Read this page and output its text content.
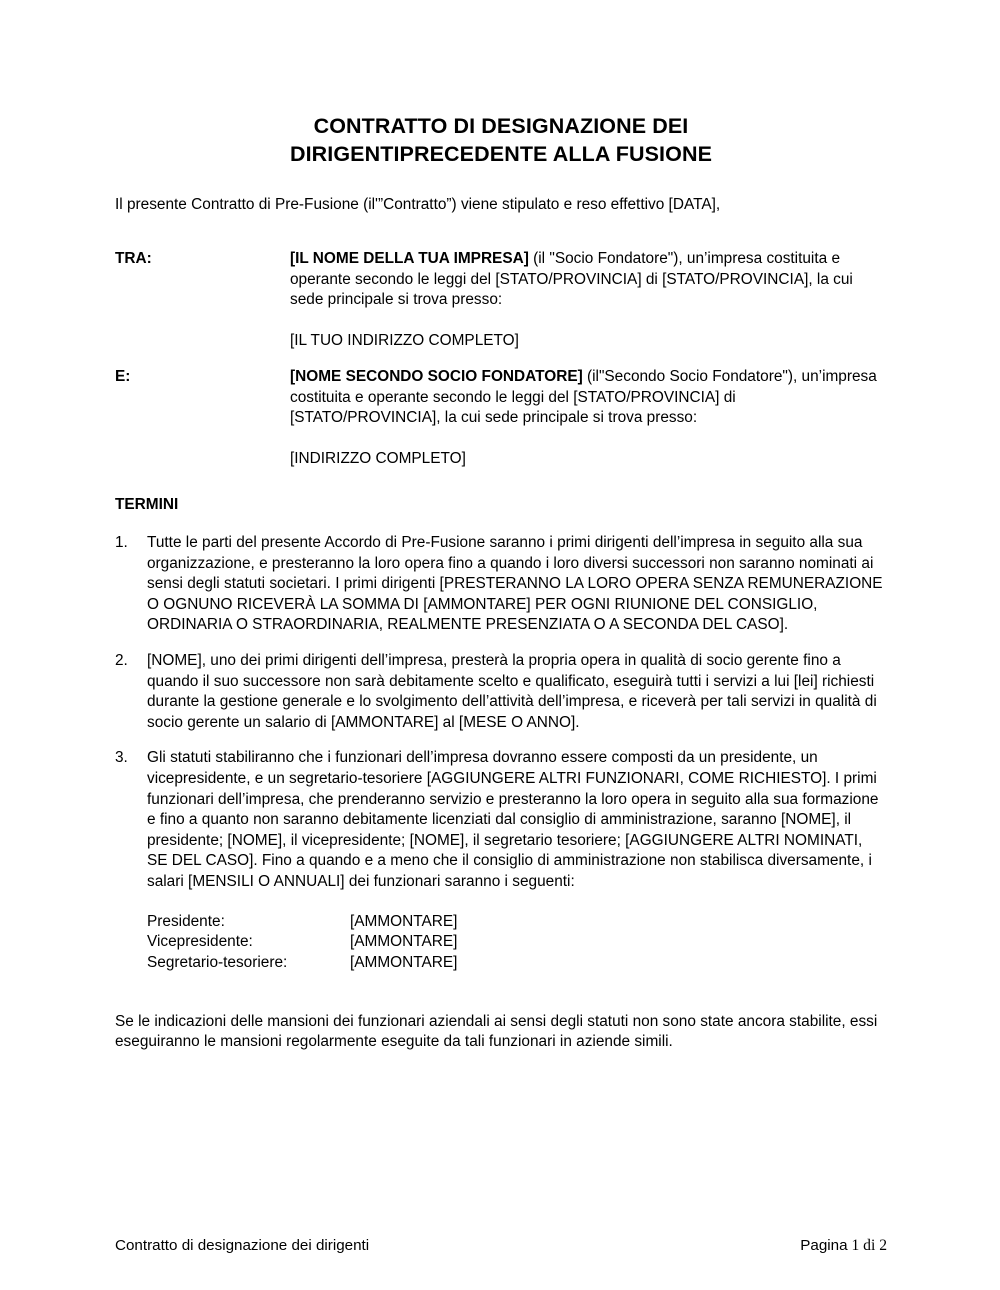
CONTRATTO DI DESIGNAZIONE DEI
DIRIGENTIPRECEDENTE ALLA FUSIONE

Il presente Contratto di Pre-Fusione (il'”Contratto”) viene stipulato e reso effettivo [DATA],

TRA:	[IL NOME DELLA TUA IMPRESA] (il "Socio Fondatore"), un’impresa costituita e operante secondo le leggi del [STATO/PROVINCIA] di [STATO/PROVINCIA], la cui sede principale si trova presso:
[IL TUO INDIRIZZO COMPLETO]
E:	[NOME SECONDO SOCIO FONDATORE] (il"Secondo Socio Fondatore"), un’impresa costituita e operante secondo le leggi del [STATO/PROVINCIA] di [STATO/PROVINCIA], la cui sede principale si trova presso:
[INDIRIZZO COMPLETO]
TERMINI
1.	Tutte le parti del presente Accordo di Pre-Fusione saranno i primi dirigenti dell’impresa in seguito alla sua organizzazione, e presteranno la loro opera fino a quando i loro diversi successori non saranno nominati ai sensi degli statuti societari. I primi dirigenti [PRESTERANNO LA LORO OPERA SENZA REMUNERAZIONE O OGNUNO RICEVERÀ LA SOMMA DI [AMMONTARE] PER OGNI RIUNIONE DEL CONSIGLIO, ORDINARIA O STRAORDINARIA, REALMENTE PRESENZIATA O A SECONDA DEL CASO].
2.	[NOME], uno dei primi dirigenti dell’impresa, presterà la propria opera in qualità di socio gerente fino a quando il suo successore non sarà debitamente scelto e qualificato, eseguirà tutti i servizi a lui [lei] richiesti durante la gestione generale e lo svolgimento dell’attività dell’impresa, e riceverà per tali servizi in qualità di socio gerente un salario di [AMMONTARE] al [MESE O ANNO].
3.	Gli statuti stabiliranno che i funzionari dell’impresa dovranno essere composti da un presidente, un vicepresidente, e un segretario-tesoriere [AGGIUNGERE ALTRI FUNZIONARI, COME RICHIESTO]. I primi funzionari dell’impresa, che prenderanno servizio e presteranno la loro opera in seguito alla sua formazione e fino a quanto non saranno debitamente licenziati dal consiglio di amministrazione, saranno [NOME], il presidente; [NOME], il vicepresidente; [NOME], il segretario tesoriere; [AGGIUNGERE ALTRI NOMINATI, SE DEL CASO]. Fino a quando e a meno che il consiglio di amministrazione non stabilisca diversamente, i salari [MENSILI O ANNUALI] dei funzionari saranno i seguenti:
Presidente:	[AMMONTARE]
Vicepresidente:	[AMMONTARE]
Segretario-tesoriere:	[AMMONTARE]

Se le indicazioni delle mansioni dei funzionari aziendali ai sensi degli statuti non sono state ancora stabilite, essi eseguiranno le mansioni regolarmente eseguite da tali funzionari in aziende simili.

Contratto di designazione dei dirigenti	Pagina 1 di 2
